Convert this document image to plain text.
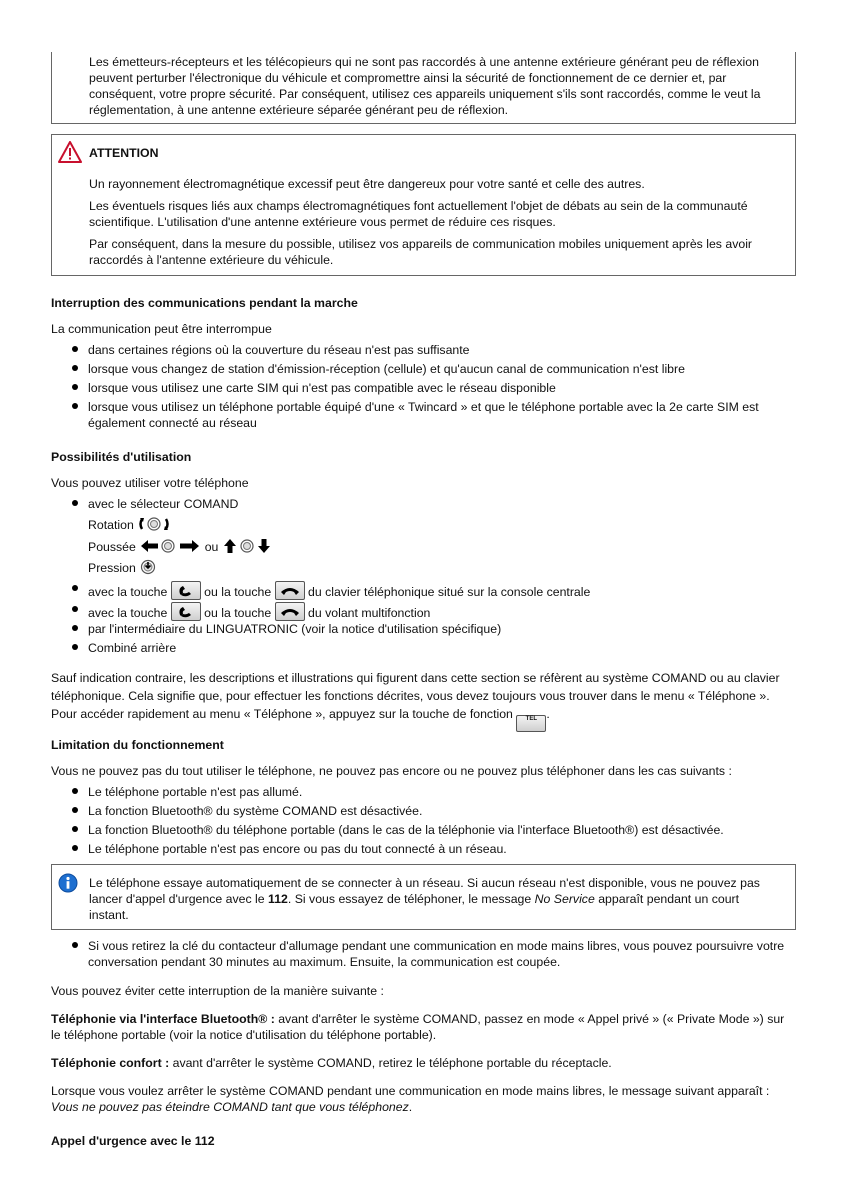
Les émetteurs-récepteurs et les télécopieurs qui ne sont pas raccordés à une antenne extérieure générant peu de réflexion peuvent perturber l'électronique du véhicule et compromettre ainsi la sécurité de fonctionnement de ce dernier et, par conséquent, votre propre sécurité. Par conséquent, utilisez ces appareils uniquement s'ils sont raccordés, comme le veut la réglementation, à une antenne extérieure séparée générant peu de réflexion.

ATTENTION

Un rayonnement électromagnétique excessif peut être dangereux pour votre santé et celle des autres.

Les éventuels risques liés aux champs électromagnétiques font actuellement l'objet de débats au sein de la communauté scientifique. L'utilisation d'une antenne extérieure vous permet de réduire ces risques.

Par conséquent, dans la mesure du possible, utilisez vos appareils de communication mobiles uniquement après les avoir raccordés à l'antenne extérieure du véhicule.

Interruption des communications pendant la marche
La communication peut être interrompue
dans certaines régions où la couverture du réseau n'est pas suffisante
lorsque vous changez de station d'émission-réception (cellule) et qu'aucun canal de communication n'est libre
lorsque vous utilisez une carte SIM qui n'est pas compatible avec le réseau disponible
lorsque vous utilisez un téléphone portable équipé d'une « Twincard » et que le téléphone portable avec la 2e carte SIM est également connecté au réseau
Possibilités d'utilisation
Vous pouvez utiliser votre téléphone
avec le sélecteur COMAND
Rotation
Poussée	ou
Pression
avec la touche	ou la touche	du clavier téléphonique situé sur la console centrale
avec la touche	ou la touche	du volant multifonction
par l'intermédiaire du LINGUATRONIC (voir la notice d'utilisation spécifique)
Combiné arrière
Sauf indication contraire, les descriptions et illustrations qui figurent dans cette section se réfèrent au système COMAND ou au clavier téléphonique. Cela signifie que, pour effectuer les fonctions décrites, vous devez toujours vous trouver dans le menu « Téléphone ». Pour accéder rapidement au menu « Téléphone », appuyez sur la touche de fonction	TEL .
Limitation du fonctionnement
Vous ne pouvez pas du tout utiliser le téléphone, ne pouvez pas encore ou ne pouvez plus téléphoner dans les cas suivants :
Le téléphone portable n'est pas allumé.
La fonction Bluetooth® du système COMAND est désactivée.
La fonction Bluetooth® du téléphone portable (dans le cas de la téléphonie via l'interface Bluetooth®) est désactivée.
Le téléphone portable n'est pas encore ou pas du tout connecté à un réseau.

Le téléphone essaye automatiquement de se connecter à un réseau. Si aucun réseau n'est disponible, vous ne pouvez pas lancer d'appel d'urgence avec le 112. Si vous essayez de téléphoner, le message No Service apparaît pendant un court instant.

Si vous retirez la clé du contacteur d'allumage pendant une communication en mode mains libres, vous pouvez poursuivre votre conversation pendant 30 minutes au maximum. Ensuite, la communication est coupée.
Vous pouvez éviter cette interruption de la manière suivante :
Téléphonie via l'interface Bluetooth® : avant d'arrêter le système COMAND, passez en mode « Appel privé » (« Private Mode ») sur le téléphone portable (voir la notice d'utilisation du téléphone portable).
Téléphonie confort : avant d'arrêter le système COMAND, retirez le téléphone portable du réceptacle.
Lorsque vous voulez arrêter le système COMAND pendant une communication en mode mains libres, le message suivant apparaît : Vous ne pouvez pas éteindre COMAND tant que vous téléphonez.
Appel d'urgence avec le 112
